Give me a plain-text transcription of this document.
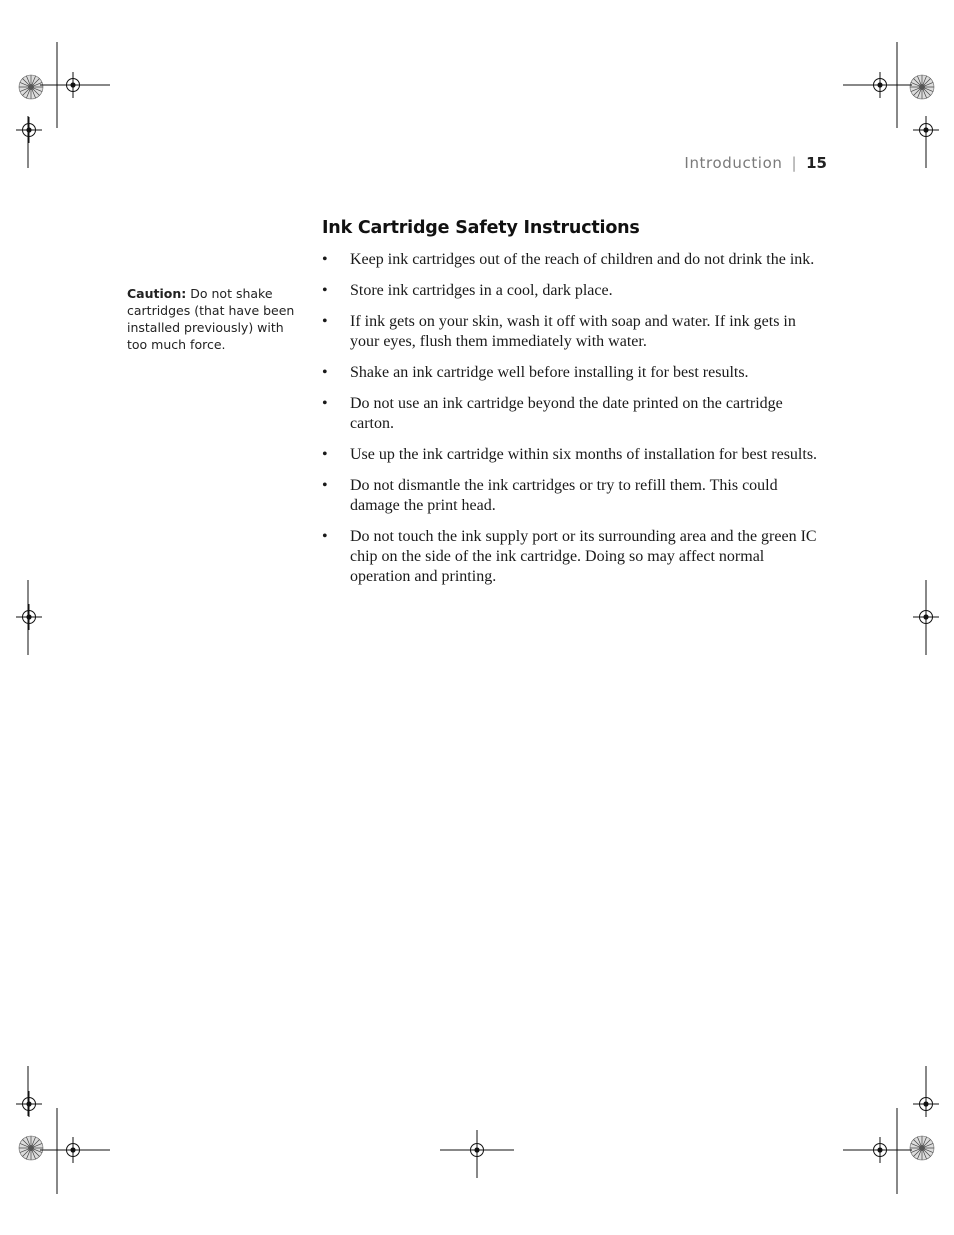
Introduction | 15
Ink Cartridge Safety Instructions
Caution: Do not shake cartridges (that have been installed previously) with too much force.
• Keep ink cartridges out of the reach of children and do not drink the ink.
• Store ink cartridges in a cool, dark place.
• If ink gets on your skin, wash it off with soap and water. If ink gets in your eyes, flush them immediately with water.
• Shake an ink cartridge well before installing it for best results.
• Do not use an ink cartridge beyond the date printed on the cartridge carton.
• Use up the ink cartridge within six months of installation for best results.
• Do not dismantle the ink cartridges or try to refill them. This could damage the print head.
• Do not touch the ink supply port or its surrounding area and the green IC chip on the side of the ink cartridge. Doing so may affect normal operation and printing.
